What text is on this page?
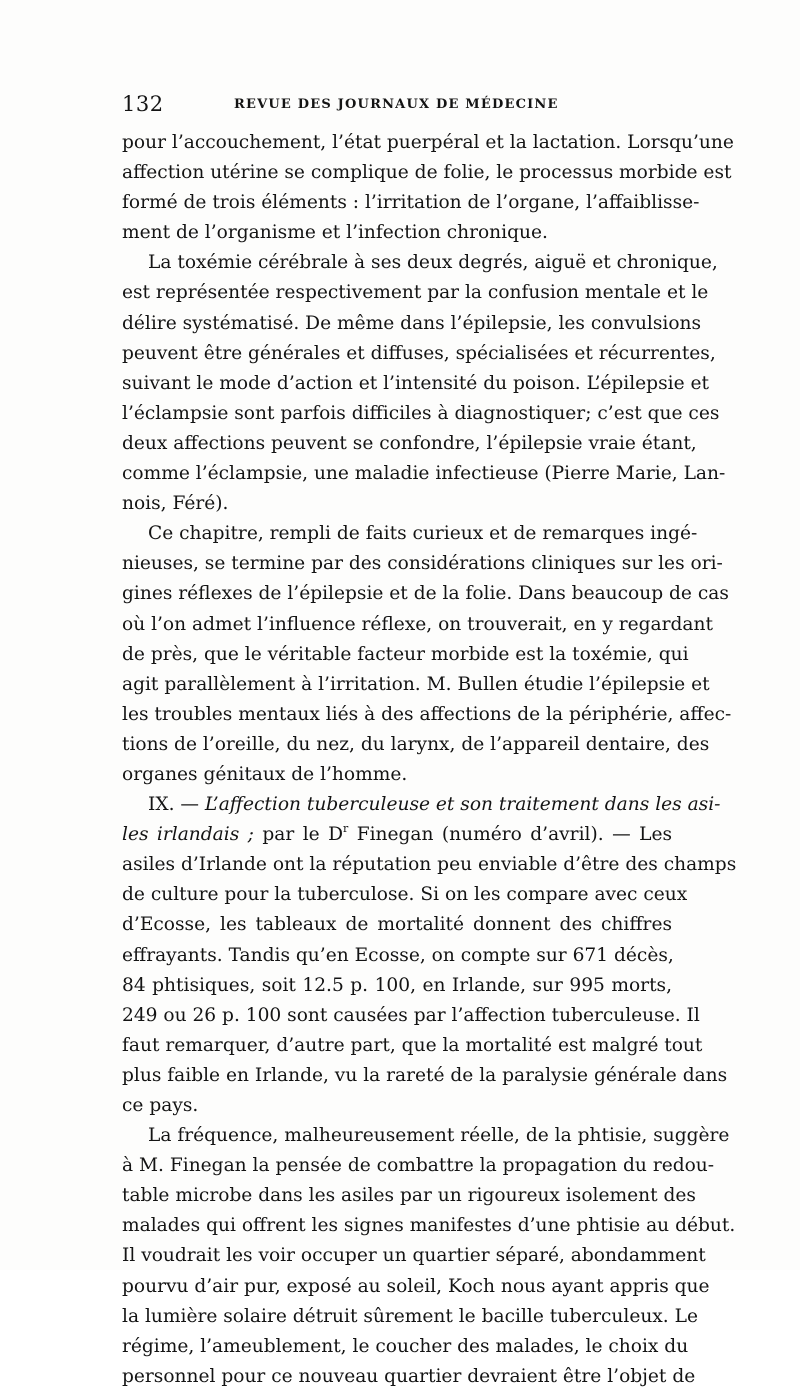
132	REVUE DES JOURNAUX DE MÉDECINE
pour l’accouchement, l’état puerpéral et la lactation. Lorsqu’une
affection utérine se complique de folie, le processus morbide est
formé de trois éléments : l’irritation de l’organe, l’affaiblisse-
ment de l’organisme et l’infection chronique.
La toxémie cérébrale à ses deux degrés, aiguë et chronique,
est représentée respectivement par la confusion mentale et le
délire systématisé. De même dans l’épilepsie, les convulsions
peuvent être générales et diffuses, spécialisées et récurrentes,
suivant le mode d’action et l’intensité du poison. L’épilepsie et
l’éclampsie sont parfois difficiles à diagnostiquer; c’est que ces
deux affections peuvent se confondre, l’épilepsie vraie étant,
comme l’éclampsie, une maladie infectieuse (Pierre Marie, Lan-
nois, Féré).
Ce chapitre, rempli de faits curieux et de remarques ingé-
nieuses, se termine par des considérations cliniques sur les ori-
gines réflexes de l’épilepsie et de la folie. Dans beaucoup de cas
où l’on admet l’influence réflexe, on trouverait, en y regardant
de près, que le véritable facteur morbide est la toxémie, qui
agit parallèlement à l’irritation. M. Bullen étudie l’épilepsie et
les troubles mentaux liés à des affections de la périphérie, affec-
tions de l’oreille, du nez, du larynx, de l’appareil dentaire, des
organes génitaux de l’homme.
IX. — L’affection tuberculeuse et son traitement dans les asi-
les irlandais ; par le $D^r$ Finegan (numéro d’avril). — Les
asiles d’Irlande ont la réputation peu enviable d’être des champs
de culture pour la tuberculose. Si on les compare avec ceux
d’Ecosse, les tableaux de mortalité donnent des chiffres
effrayants. Tandis qu’en Ecosse, on compte sur 671 décès,
84 phtisiques, soit 12.5 p. 100, en Irlande, sur 995 morts,
249 ou 26 p. 100 sont causées par l’affection tuberculeuse. Il
faut remarquer, d’autre part, que la mortalité est malgré tout
plus faible en Irlande, vu la rareté de la paralysie générale dans
ce pays.
La fréquence, malheureusement réelle, de la phtisie, suggère
à M. Finegan la pensée de combattre la propagation du redou-
table microbe dans les asiles par un rigoureux isolement des
malades qui offrent les signes manifestes d’une phtisie au début.
Il voudrait les voir occuper un quartier séparé, abondamment
pourvu d’air pur, exposé au soleil, Koch nous ayant appris que
la lumière solaire détruit sûrement le bacille tuberculeux. Le
régime, l’ameublement, le coucher des malades, le choix du
personnel pour ce nouveau quartier devraient être l’objet de
